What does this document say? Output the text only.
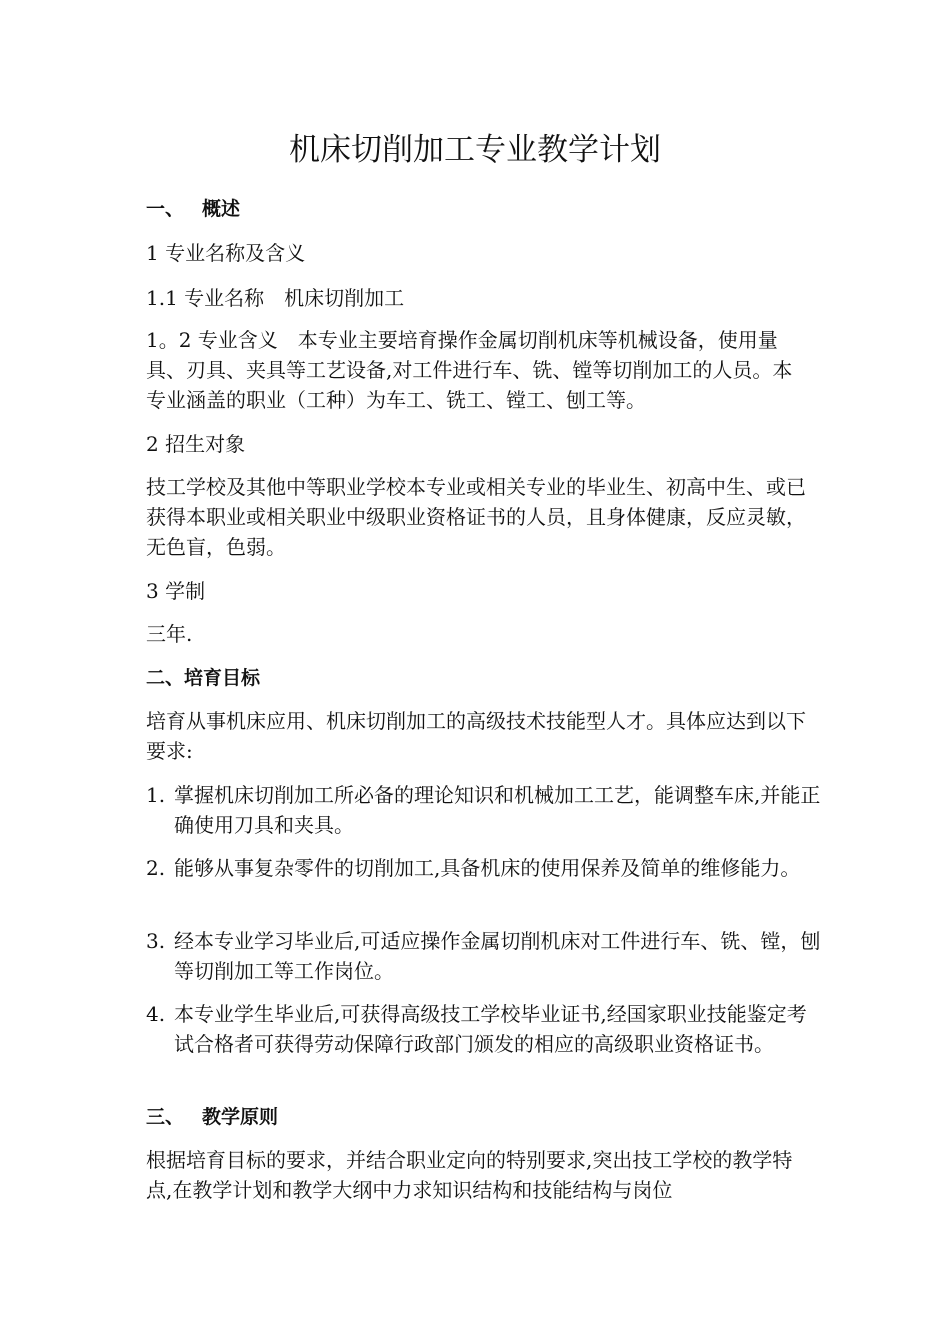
机床切削加工专业教学计划
一、 概述

1 专业名称及含义

1.1 专业名称　机床切削加工

1。2 专业含义　本专业主要培育操作金属切削机床等机械设备，使用量具、刃具、夹具等工艺设备,对工件进行车、铣、镗等切削加工的人员。本专业涵盖的职业（工种）为车工、铣工、镗工、刨工等。

2 招生对象

技工学校及其他中等职业学校本专业或相关专业的毕业生、初高中生、或已获得本职业或相关职业中级职业资格证书的人员，且身体健康，反应灵敏，无色盲，色弱。

3 学制

三年.

二、培育目标

培育从事机床应用、机床切削加工的高级技术技能型人才。具体应达到以下要求:

1. 掌握机床切削加工所必备的理论知识和机械加工工艺，能调整车床,并能正确使用刀具和夹具。
2. 能够从事复杂零件的切削加工,具备机床的使用保养及简单的维修能力。
3. 经本专业学习毕业后,可适应操作金属切削机床对工件进行车、铣、镗，刨等切削加工等工作岗位。
4. 本专业学生毕业后,可获得高级技工学校毕业证书,经国家职业技能鉴定考试合格者可获得劳动保障行政部门颁发的相应的高级职业资格证书。
三、 教学原则

根据培育目标的要求，并结合职业定向的特别要求,突出技工学校的教学特点,在教学计划和教学大纲中力求知识结构和技能结构与岗位
